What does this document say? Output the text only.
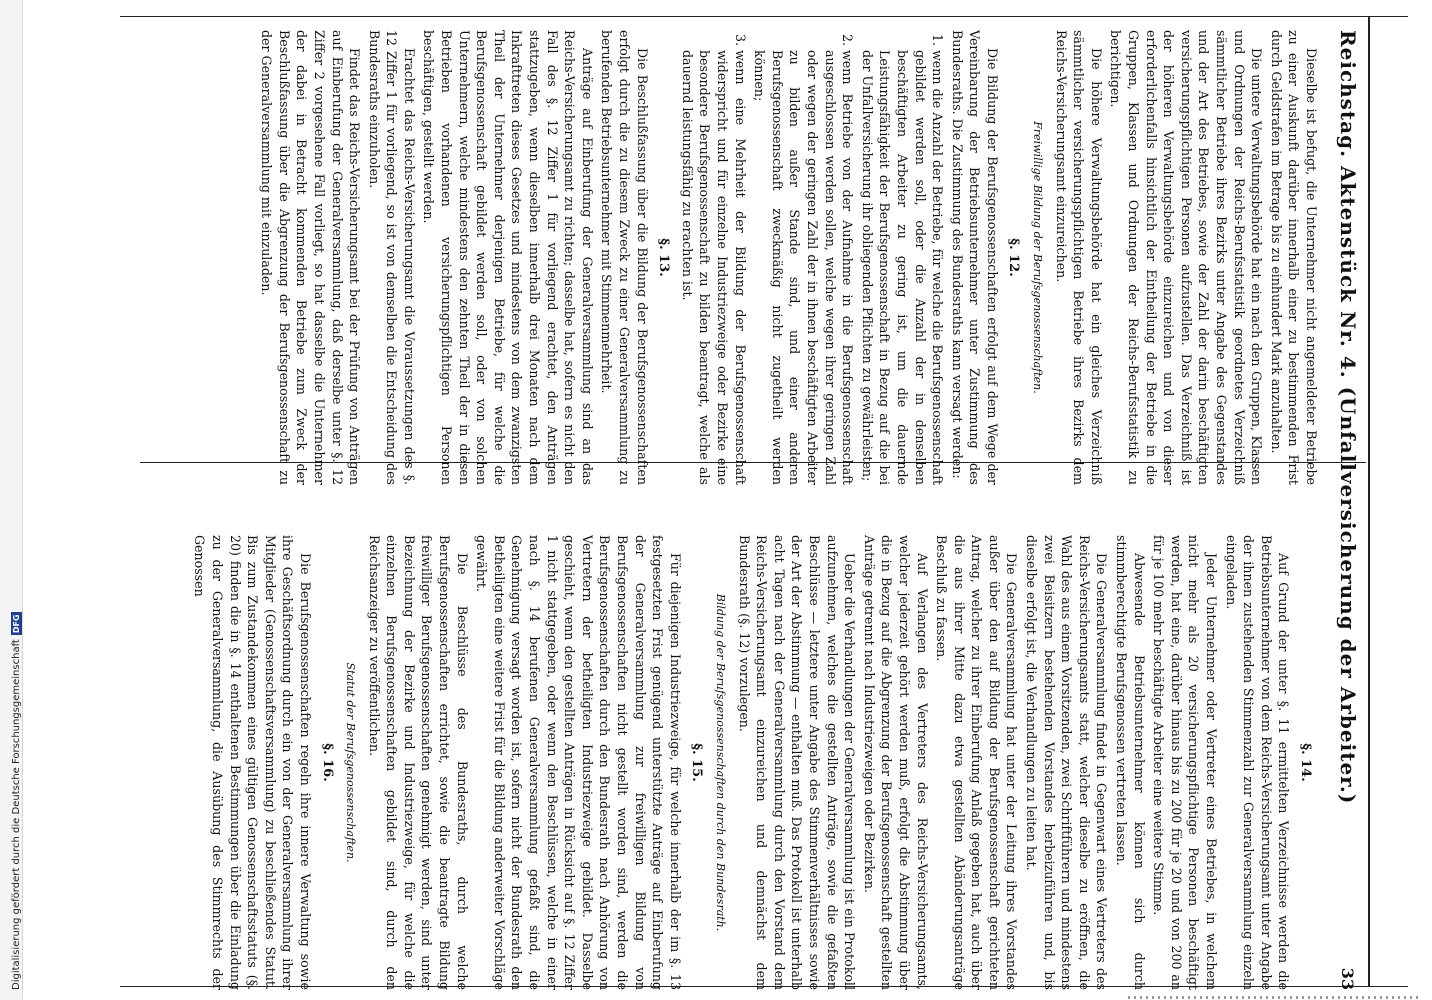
Digitalisierung gefördert durch die Deutsche Forschungsgemeinschaft
DFG	Reichstag. Aktenstück Nr. 4. (Unfallversicherung der Arbeiter.)
33

Dieselbe ist befugt, die Unternehmer nicht angemeldeter Betriebe zu einer Auskunft darüber innerhalb einer zu bestimmenden Frist durch Geldstrafen im Betrage bis zu einhundert Mark anzuhalten.

Die untere Verwaltungsbehörde hat ein nach den Gruppen, Klassen und Ordnungen der Reichs-Berufsstatistik geordnetes Verzeichniß sämmtlicher Betriebe ihres Bezirks unter Angabe des Gegenstandes und der Art des Betriebes, sowie der Zahl der darin beschäftigten versicherungspflichtigen Personen aufzustellen. Das Verzeichniß ist der höheren Verwaltungsbehörde einzureichen und von dieser erforderlichenfalls hinsichtlich der Eintheilung der Betriebe in die Gruppen, Klassen und Ordnungen der Reichs-Berufsstatistik zu berichtigen.

Die höhere Verwaltungsbehörde hat ein gleiches Verzeichniß sämmtlicher versicherungspflichtigen Betriebe ihres Bezirks dem Reichs-Versicherungsamt einzureichen.

Freiwillige Bildung der Berufsgenossenschaften.
§. 12.

Die Bildung der Berufsgenossenschaften erfolgt auf dem Wege der Vereinbarung der Betriebsunternehmer unter Zustimmung des Bundesraths. Die Zustimmung des Bundesraths kann versagt werden:

1. wenn die Anzahl der Betriebe, für welche die Berufsgenossenschaft gebildet werden soll, oder die Anzahl der in denselben beschäftigten Arbeiter zu gering ist, um die dauernde Leistungsfähigkeit der Berufsgenossenschaft in Bezug auf die bei der Unfallversicherung ihr obliegenden Pflichten zu gewährleisten;
2. wenn Betriebe von der Aufnahme in die Berufsgenossenschaft ausgeschlossen werden sollen, welche wegen ihrer geringen Zahl oder wegen der geringen Zahl der in ihnen beschäftigten Arbeiter zu bilden außer Stande sind, und einer anderen Berufsgenossenschaft zweckmäßig nicht zugetheilt werden können;
3. wenn eine Mehrheit der Bildung der Berufsgenossenschaft widerspricht und für einzelne Industriezweige oder Bezirke eine besondere Berufsgenossenschaft zu bilden beantragt, welche als dauernd leistungsfähig zu erachten ist.
§. 13.

Die Beschlußfassung über die Bildung der Berufsgenossenschaften erfolgt durch die zu diesem Zweck zu einer Generalversammlung zu berufenden Betriebsunternehmer mit Stimmenmehrheit.

Anträge auf Einberufung der Generalversammlung sind an das Reichs-Versicherungsamt zu richten; dasselbe hat, sofern es nicht den Fall des §. 12 Ziffer 1 für vorliegend erachtet, den Anträgen stattzugeben, wenn dieselben innerhalb drei Monaten nach dem Inkrafttreten dieses Gesetzes und mindestens von dem zwanzigsten Theil der Unternehmer derjenigen Betriebe, für welche die Berufsgenossenschaft gebildet werden soll, oder von solchen Unternehmern, welche mindestens den zehnten Theil der in diesen Betrieben vorhandenen versicherungspflichtigen Personen beschäftigen, gestellt werden.

Erachtet das Reichs-Versicherungsamt die Voraussetzungen des §. 12 Ziffer 1 für vorliegend, so ist von demselben die Entscheidung des Bundesraths einzuholen.

Findet das Reichs-Versicherungsamt bei der Prüfung von Anträgen auf Einberufung der Generalversammlung, daß derselbe unter §. 12 Ziffer 2 vorgesehene Fall vorliegt, so hat dasselbe die Unternehmer der dabei in Betracht kommenden Betriebe zum Zweck der Beschlußfassung über die Abgrenzung der Berufsgenossenschaft zu der Generalversammlung mit einzuladen.

§. 14.

Auf Grund der unter §. 11 ermittelten Verzeichnisse werden die Betriebsunternehmer von dem Reichs-Versicherungsamt unter Angabe der ihnen zustehenden Stimmenzahl zur Generalversammlung einzeln eingeladen.

Jeder Unternehmer oder Vertreter eines Betriebes, in welchem nicht mehr als 20 versicherungspflichtige Personen beschäftigt werden, hat eine, darüber hinaus bis zu 200 für je 20 und von 200 an für je 100 mehr beschäftigte Arbeiter eine weitere Stimme.

Abwesende Betriebsunternehmer können sich durch stimmberechtigte Berufsgenossen vertreten lassen.

Die Generalversammlung findet in Gegenwart eines Vertreters des Reichs-Versicherungsamts statt, welcher dieselbe zu eröffnen, die Wahl des aus einem Vorsitzenden, zwei Schriftführern und mindestens zwei Beisitzern bestehenden Vorstandes herbeizuführen und, bis dieselbe erfolgt ist, die Verhandlungen zu leiten hat.

Die Generalversammlung hat unter der Leitung ihres Vorstandes außer über den auf Bildung der Berufsgenossenschaft gerichteten Antrag, welcher zu ihrer Einberufung Anlaß gegeben hat, auch über die aus ihrer Mitte dazu etwa gestellten Abänderungsanträge Beschluß zu fassen.

Auf Verlangen des Vertreters des Reichs-Versicherungsamts, welcher jederzeit gehört werden muß, erfolgt die Abstimmung über die in Bezug auf die Abgrenzung der Berufsgenossenschaft gestellten Anträge getrennt nach Industriezweigen oder Bezirken.

Ueber die Verhandlungen der Generalversammlung ist ein Protokoll aufzunehmen, welches die gestellten Anträge, sowie die gefaßten Beschlüsse — letztere unter Angabe des Stimmenverhältnisses sowie der Art der Abstimmung — enthalten muß. Das Protokoll ist unterhalb acht Tagen nach der Generalversammlung durch den Vorstand dem Reichs-Versicherungsamt einzureichen und demnächst dem Bundesrath (§. 12) vorzulegen.

Bildung der Berufsgenossenschaften durch den Bundesrath.
§. 15.

Für diejenigen Industriezweige, für welche innerhalb der im §. 13 festgesetzten Frist genügend unterstützte Anträge auf Einberufung der Generalversammlung zur freiwilligen Bildung von Berufsgenossenschaften nicht gestellt worden sind, werden die Berufsgenossenschaften durch den Bundesrath nach Anhörung von Vertretern der betheiligten Industriezweige gebildet. Dasselbe geschieht, wenn den gestellten Anträgen in Rücksicht auf §. 12 Ziffer 1 nicht stattgegeben, oder wenn den Beschlüssen, welche in einer nach §. 14 berufenen Generalversammlung gefaßt sind, die Genehmigung versagt worden ist, sofern nicht der Bundesrath den Betheiligten eine weitere Frist für die Bildung anderweiter Vorschläge gewährt.

Die Beschlüsse des Bundesraths, durch welche Berufsgenossenschaften errichtet, sowie die beantragte Bildung freiwilliger Berufsgenossenschaften genehmigt werden, sind unter Bezeichnung der Bezirke und Industriezweige, für welche die einzelnen Berufsgenossenschaften gebildet sind, durch den Reichsanzeiger zu veröffentlichen.

Statut der Berufsgenossenschaften.
§. 16.

Die Berufsgenossenschaften regeln ihre innere Verwaltung sowie ihre Geschäftsordnung durch ein von der Generalversammlung ihrer Mitglieder (Genossenschaftsversammlung) zu beschließendes Statut. Bis zum Zustandekommen eines gültigen Genossenschaftsstatuts (§. 20) finden die in §. 14 enthaltenen Bestimmungen über die Einladung zu der Generalversammlung, die Ausübung des Stimmrechts der Genossen
